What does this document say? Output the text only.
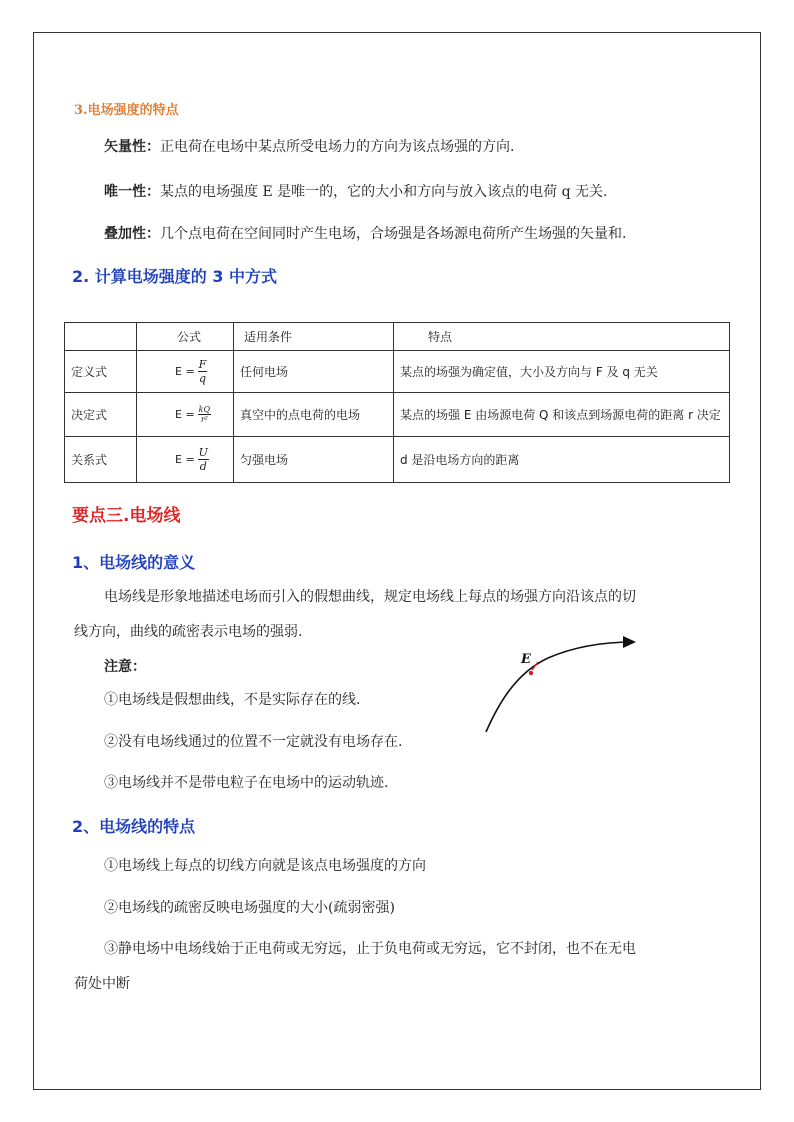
3.电场强度的特点
矢量性：正电荷在电场中某点所受电场力的方向为该点场强的方向.
唯一性：某点的电场强度 E 是唯一的，它的大小和方向与放入该点的电荷 q 无关.
叠加性：几个点电荷在空间同时产生电场，合场强是各场源电荷所产生场强的矢量和.
2. 计算电场强度的 3 中方式
	公式	适用条件	特点
定义式	$E = \frac{F}{q}$	任何电场	某点的场强为确定值，大小及方向与 F 及 q 无关
决定式	$E = \frac{kQ}{\text{r²}}$	真空中的点电荷的电场	某点的场强 E 由场源电荷 Q 和该点到场源电荷的距离 r 决定
关系式	$E = \frac{U}{d}$	匀强电场	d 是沿电场方向的距离
要点三.电场线
1、电场线的意义
电场线是形象地描述电场而引入的假想曲线，规定电场线上每点的场强方向沿该点的切
线方向，曲线的疏密表示电场的强弱.
注意：
①电场线是假想曲线，不是实际存在的线.
②没有电场线通过的位置不一定就没有电场存在.
③电场线并不是带电粒子在电场中的运动轨迹.
E
2、电场线的特点
①电场线上每点的切线方向就是该点电场强度的方向
②电场线的疏密反映电场强度的大小(疏弱密强)
③静电场中电场线始于正电荷或无穷远，止于负电荷或无穷远，它不封闭，也不在无电
荷处中断
